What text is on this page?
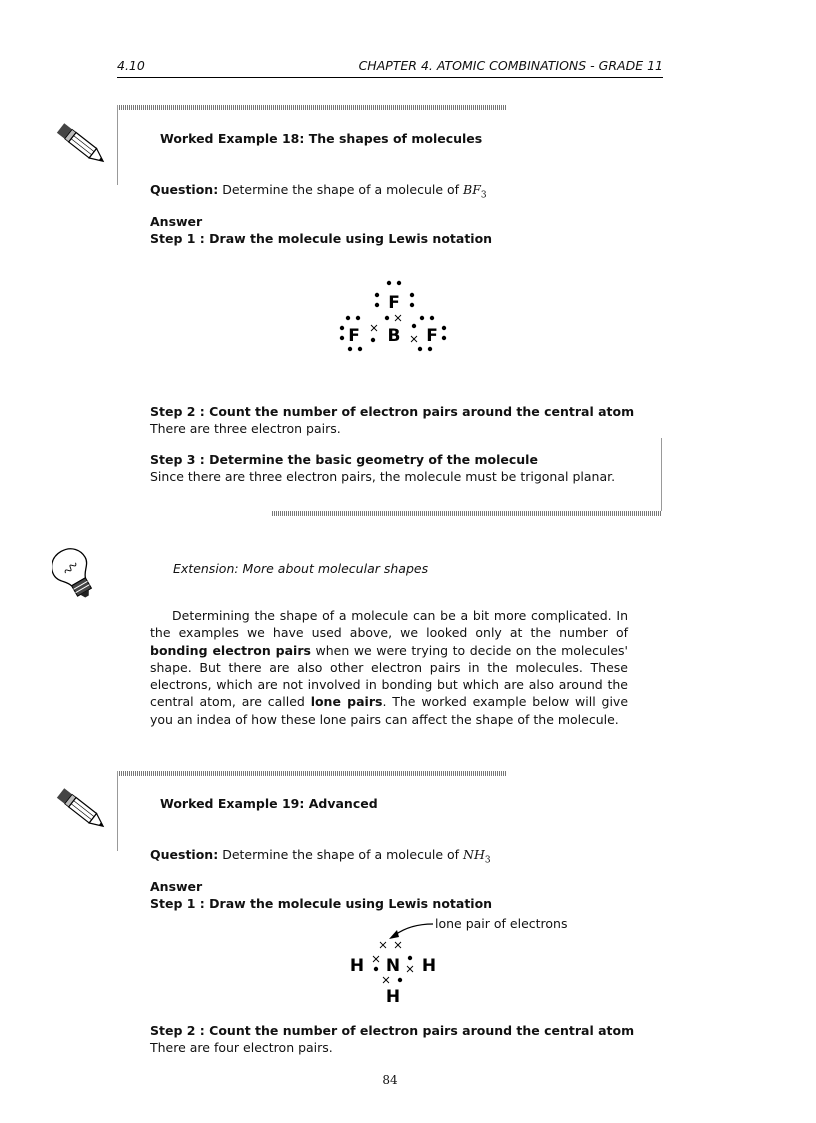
4.10	CHAPTER 4. ATOMIC COMBINATIONS - GRADE 11
Worked Example 18: The shapes of molecules
Question: Determine the shape of a molecule of $BF_3$
Answer
Step 1 : Draw the molecule using Lewis notation
F
F B F
Step 2 : Count the number of electron pairs around the central atom
There are three electron pairs.
Step 3 : Determine the basic geometry of the molecule
Since there are three electron pairs, the molecule must be trigonal planar.
Extension: More about molecular shapes
Determining the shape of a molecule can be a bit more complicated. In the examples we have used above, we looked only at the number of bonding electron pairs when we were trying to decide on the molecules' shape. But there are also other electron pairs in the molecules. These electrons, which are not involved in bonding but which are also around the central atom, are called lone pairs. The worked example below will give you an indea of how these lone pairs can affect the shape of the molecule.
Worked Example 19: Advanced
Question: Determine the shape of a molecule of $NH_3$
Answer
Step 1 : Draw the molecule using Lewis notation
lone pair of electrons
H N H
H
Step 2 : Count the number of electron pairs around the central atom
There are four electron pairs.
84
